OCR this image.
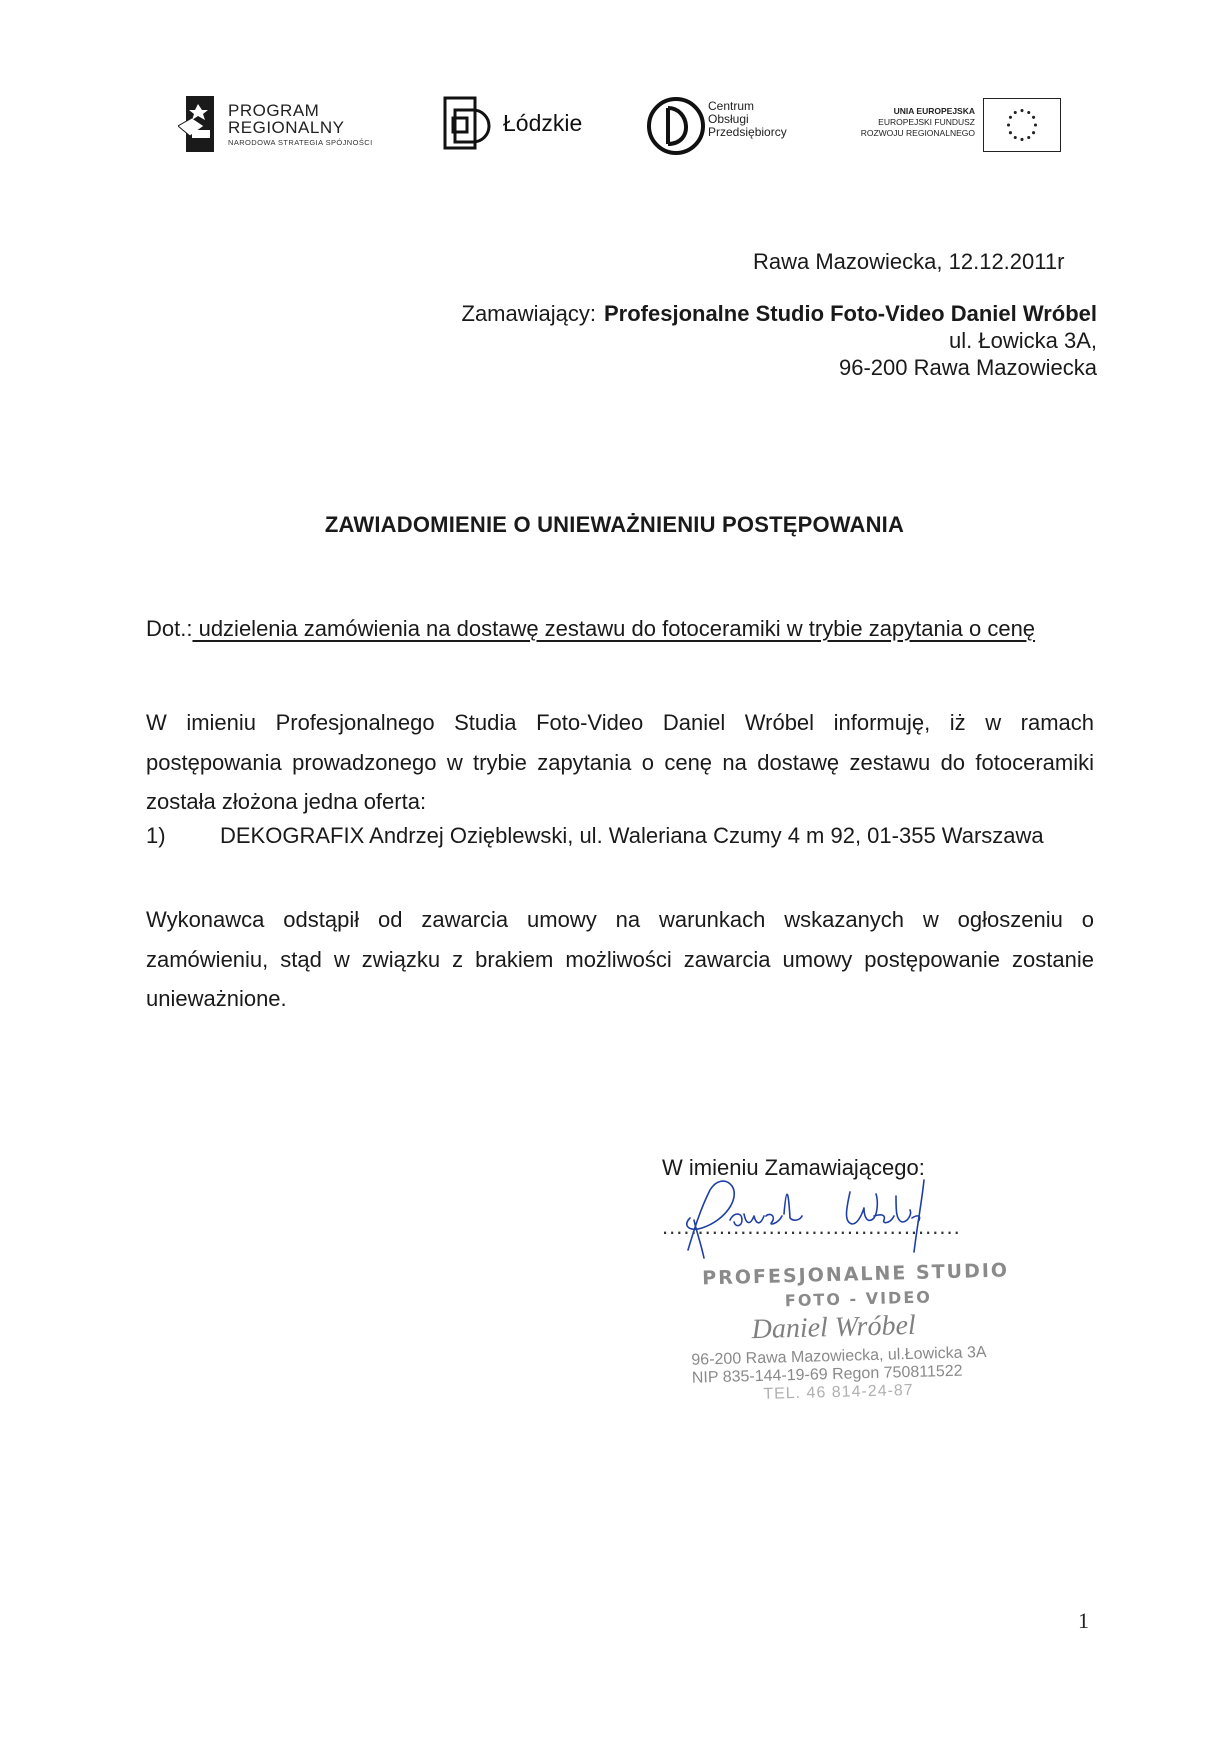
PROGRAM
REGIONALNY
NARODOWA STRATEGIA SPÓJNOŚCI
Łódzkie
Centrum
Obsługi
Przedsiębiorcy
UNIA EUROPEJSKA
EUROPEJSKI FUNDUSZ
ROZWOJU REGIONALNEGO
Rawa Mazowiecka, 12.12.2011r
Zamawiający: Profesjonalne Studio Foto-Video Daniel Wróbel
ul. Łowicka 3A,
96-200 Rawa Mazowiecka
ZAWIADOMIENIE O UNIEWAŻNIENIU POSTĘPOWANIA
Dot.: udzielenia zamówienia na dostawę zestawu do fotoceramiki w trybie zapytania o cenę
W imieniu Profesjonalnego Studia Foto-Video Daniel Wróbel informuję, iż w ramach postępowania prowadzonego w trybie zapytania o cenę na dostawę zestawu do fotoceramiki została złożona jedna oferta:
1) DEKOGRAFIX Andrzej Ozięblewski, ul. Waleriana Czumy 4 m 92, 01-355 Warszawa
Wykonawca odstąpił od zawarcia umowy na warunkach wskazanych w ogłoszeniu o zamówieniu, stąd w związku z brakiem możliwości zawarcia umowy postępowanie zostanie unieważnione.
W imieniu Zamawiającego:
..........................................
PROFESJONALNE STUDIO
FOTO - VIDEO
Daniel Wróbel
96-200 Rawa Mazowiecka, ul.Łowicka 3A
NIP 835-144-19-69 Regon 750811522
TEL. 46 814-24-87
1
